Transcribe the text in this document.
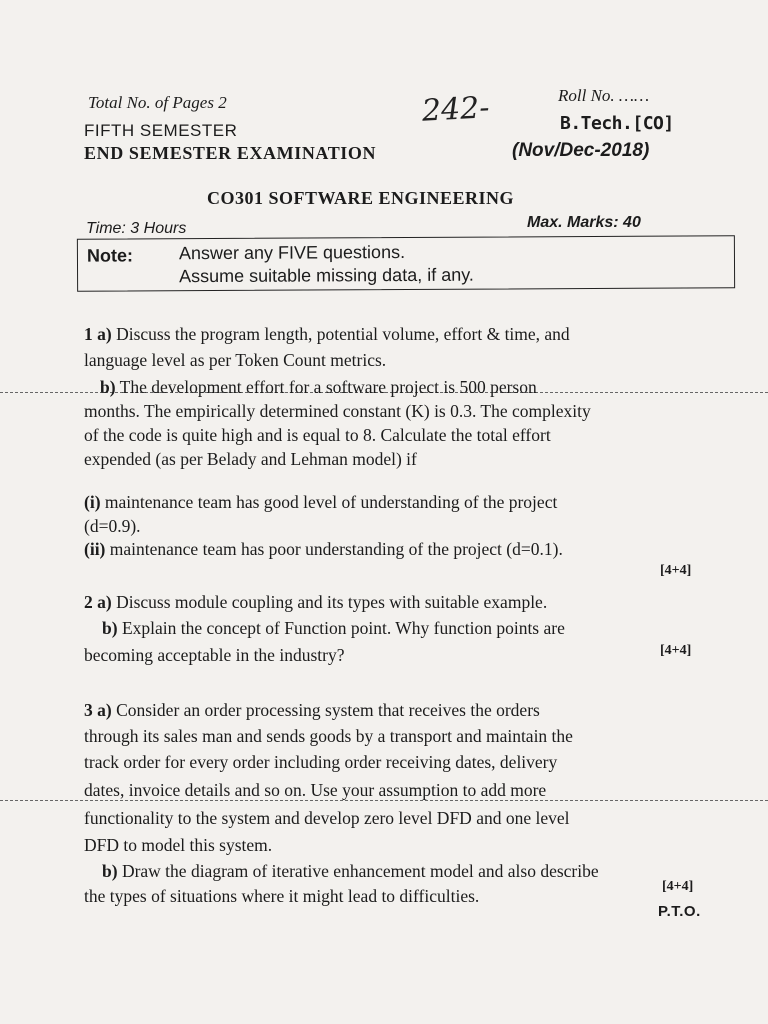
Total No. of Pages 2
FIFTH SEMESTER
END SEMESTER EXAMINATION
242-	Roll No. ……
B.Tech.[CO]
(Nov/Dec-2018)
CO301 SOFTWARE ENGINEERING
Time: 3 Hours	Max. Marks: 40
Note:	Answer any FIVE questions.
Assume suitable missing data, if any.
1 a) Discuss the program length, potential volume, effort & time, and
language level as per Token Count metrics.
b) The development effort for a software project is 500 person
months. The empirically determined constant (K) is 0.3. The complexity
of the code is quite high and is equal to 8. Calculate the total effort
expended (as per Belady and Lehman model) if
(i) maintenance team has good level of understanding of the project
(d=0.9).
(ii) maintenance team has poor understanding of the project (d=0.1).
[4+4]
2 a) Discuss module coupling and its types with suitable example.
b) Explain the concept of Function point. Why function points are
becoming acceptable in the industry?	[4+4]
3 a) Consider an order processing system that receives the orders
through its sales man and sends goods by a transport and maintain the
track order for every order including order receiving dates, delivery
dates, invoice details and so on. Use your assumption to add more
functionality to the system and develop zero level DFD and one level
DFD to model this system.
b) Draw the diagram of iterative enhancement model and also describe
the types of situations where it might lead to difficulties.	[4+4]
P.T.O.
